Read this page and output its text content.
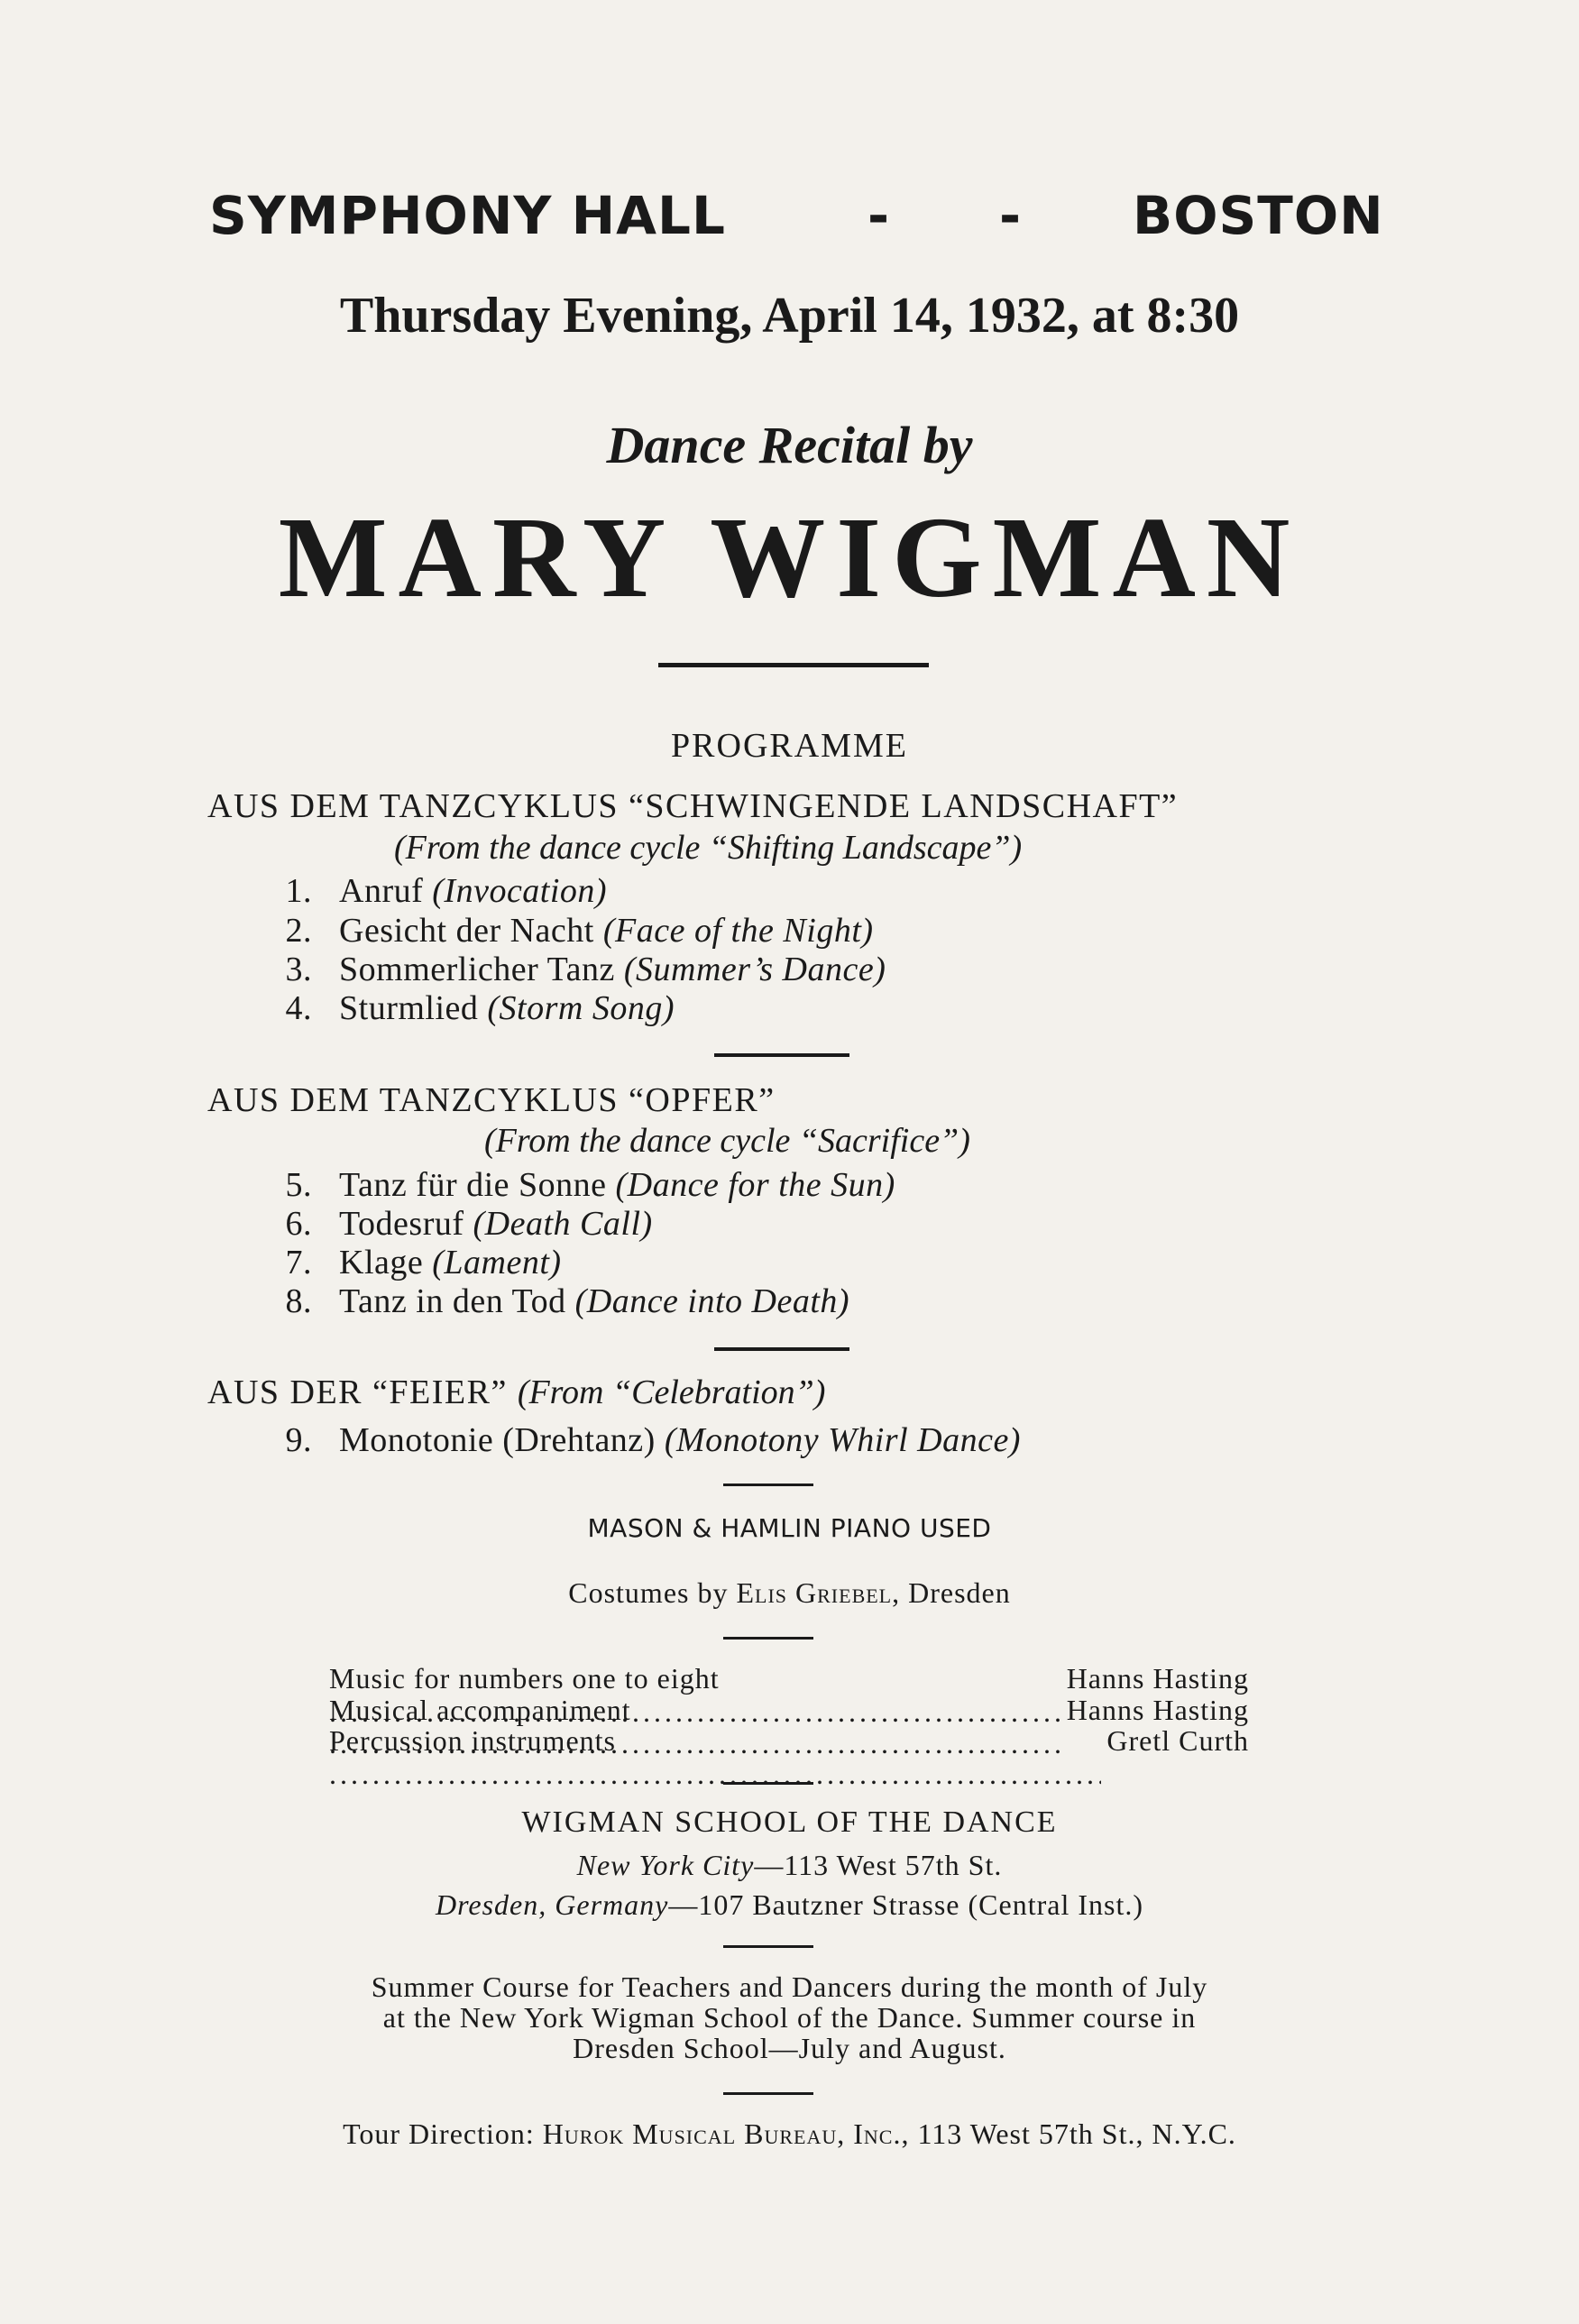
SYMPHONY HALL	- - BOSTON
Thursday Evening, April 14, 1932, at 8:30
Dance Recital by
MARY WIGMAN
PROGRAMME
AUS DEM TANZCYKLUS “SCHWINGENDE LANDSCHAFT”
(From the dance cycle “Shifting Landscape”)
1. Anruf (Invocation)
2. Gesicht der Nacht (Face of the Night)
3. Sommerlicher Tanz (Summer’s Dance)
4. Sturmlied (Storm Song)
AUS DEM TANZCYKLUS “OPFER”
(From the dance cycle “Sacrifice”)
5. Tanz für die Sonne (Dance for the Sun)
6. Todesruf (Death Call)
7. Klage (Lament)
8. Tanz in den Tod (Dance into Death)
AUS DER “FEIER” (From “Celebration”)
9. Monotonie (Drehtanz) (Monotony Whirl Dance)
MASON & HAMLIN PIANO USED
Costumes by Elis Griebel, Dresden
Music for numbers one to eight .....	Hanns Hasting
Musical accompaniment .....	Hanns Hasting
Percussion instruments .....	Gretl Curth
WIGMAN SCHOOL OF THE DANCE
New York City—113 West 57th St.
Dresden, Germany—107 Bautzner Strasse (Central Inst.)
Summer Course for Teachers and Dancers during the month of July
at the New York Wigman School of the Dance. Summer course in
Dresden School—July and August.
Tour Direction: Hurok Musical Bureau, Inc., 113 West 57th St., N.Y.C.
